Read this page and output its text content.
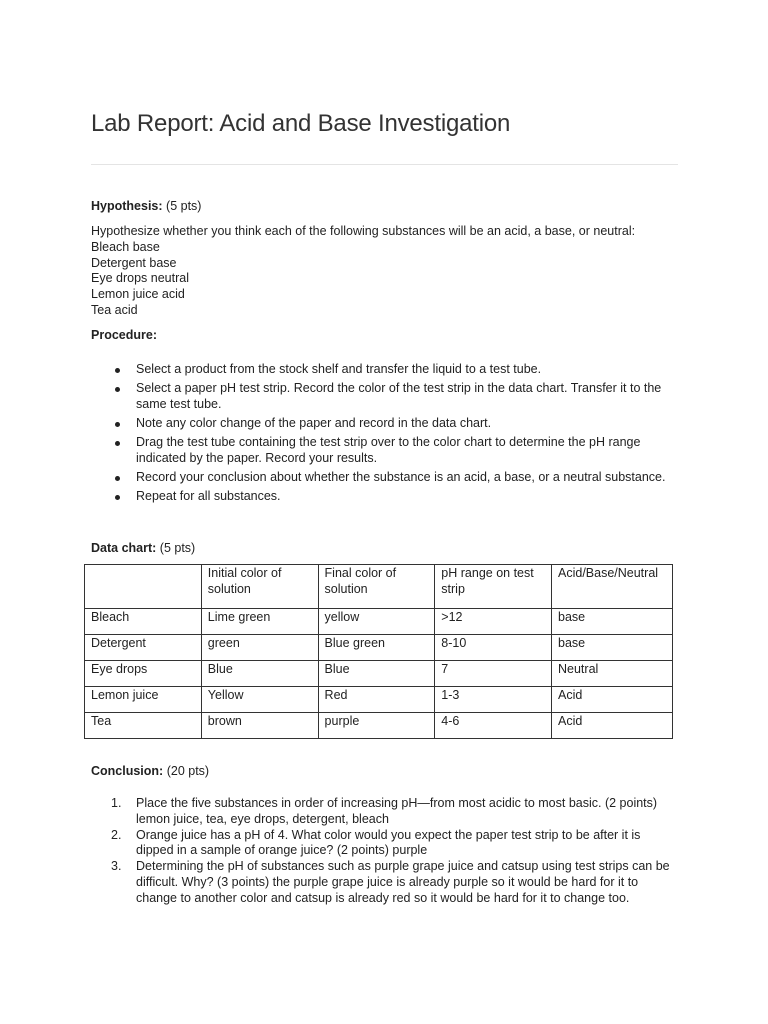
Lab Report: Acid and Base Investigation

Hypothesis: (5 pts)

Hypothesize whether you think each of the following substances will be an acid, a base, or neutral:
Bleach base
Detergent base
Eye drops neutral
Lemon juice acid
Tea acid

Procedure:

Select a product from the stock shelf and transfer the liquid to a test tube.
Select a paper pH test strip. Record the color of the test strip in the data chart. Transfer it to the same test tube.
Note any color change of the paper and record in the data chart.
Drag the test tube containing the test strip over to the color chart to determine the pH range indicated by the paper. Record your results.
Record your conclusion about whether the substance is an acid, a base, or a neutral substance.
Repeat for all substances.

Data chart: (5 pts)

	Initial color of solution	Final color of solution	pH range on test strip	Acid/Base/Neutral
Bleach	Lime green	yellow	>12	base
Detergent	green	Blue green	8-10	base
Eye drops	Blue	Blue	7	Neutral
Lemon juice	Yellow	Red	1-3	Acid
Tea	brown	purple	4-6	Acid

Conclusion: (20 pts)

1. Place the five substances in order of increasing pH—from most acidic to most basic. (2 points) lemon juice, tea, eye drops, detergent, bleach
2. Orange juice has a pH of 4. What color would you expect the paper test strip to be after it is dipped in a sample of orange juice? (2 points) purple
3. Determining the pH of substances such as purple grape juice and catsup using test strips can be difficult. Why? (3 points) the purple grape juice is already purple so it would be hard for it to change to another color and catsup is already red so it would be hard for it to change too.
